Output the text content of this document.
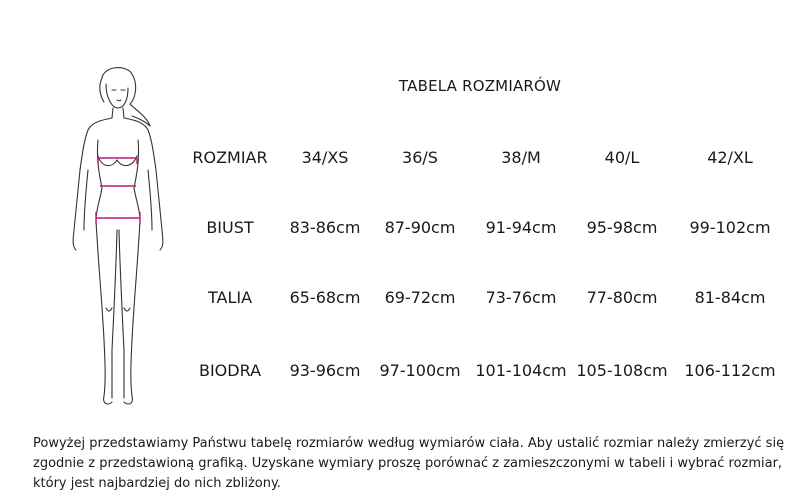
TABELA ROZMIARÓW
ROZMIAR	34/XS	36/S	38/M	40/L	42/XL
BIUST	83-86cm	87-90cm	91-94cm	95-98cm	99-102cm
TALIA	65-68cm	69-72cm	73-76cm	77-80cm	81-84cm
BIODRA	93-96cm	97-100cm 101-104cm 105-108cm	106-112cm
Powyżej przedstawiamy Państwu tabelę rozmiarów według wymiarów ciała. Aby ustalić rozmiar należy zmierzyć się
zgodnie z przedstawioną grafiką. Uzyskane wymiary proszę porównać z zamieszczonymi w tabeli i wybrać rozmiar,
który jest najbardziej do nich zbliżony.
